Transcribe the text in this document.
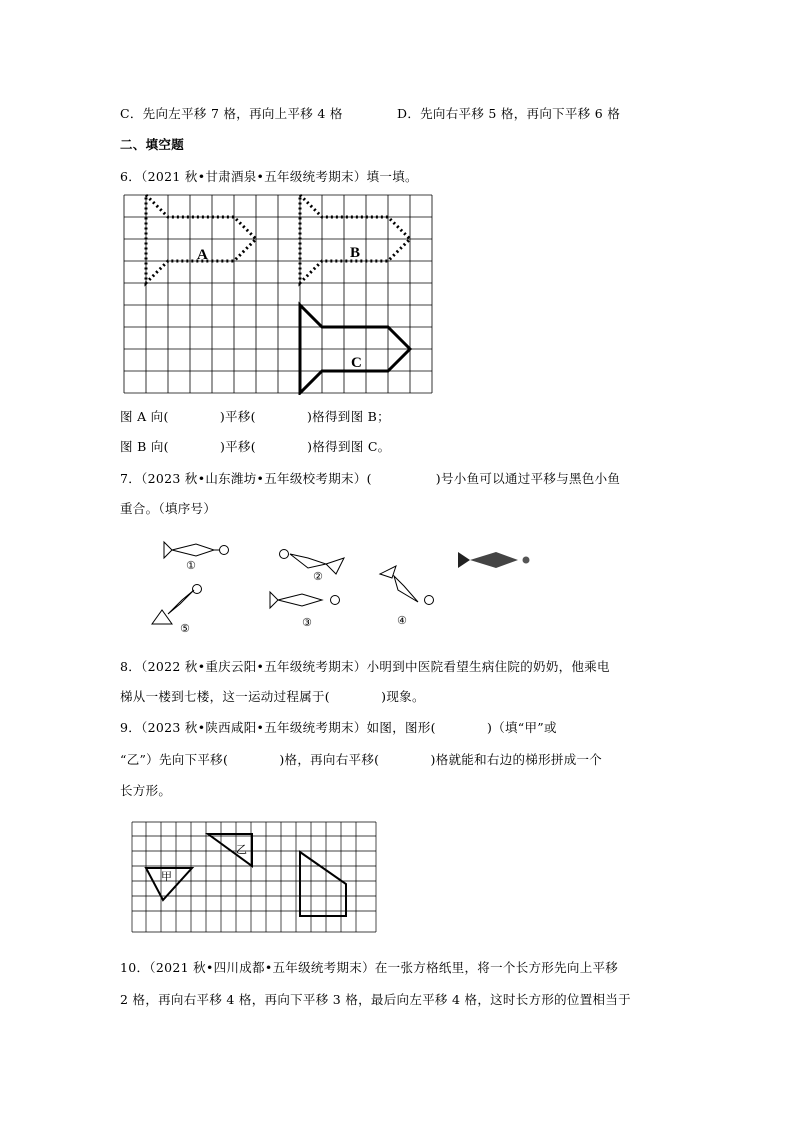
C．先向左平移 7 格，再向上平移 4 格	D．先向右平移 5 格，再向下平移 6 格
二、填空题
6．（2021 秋•甘肃酒泉•五年级统考期末）填一填。
A	B
C
图 A 向(　　　　)平移(　　　　)格得到图 B；
图 B 向(　　　　)平移(　　　　)格得到图 C。
7．（2023 秋•山东潍坊•五年级校考期末）(　　　　　)号小鱼可以通过平移与黑色小鱼
重合。（填序号）
①
②
③	④
⑤
8．（2022 秋•重庆云阳•五年级统考期末）小明到中医院看望生病住院的奶奶，他乘电
梯从一楼到七楼，这一运动过程属于(　　　　)现象。
9．（2023 秋•陕西咸阳•五年级统考期末）如图，图形(　　　　)（填“甲”或
“乙”）先向下平移(　　　　)格，再向右平移(　　　　)格就能和右边的梯形拼成一个
长方形。
甲
乙
10．（2021 秋•四川成都•五年级统考期末）在一张方格纸里，将一个长方形先向上平移
2 格，再向右平移 4 格，再向下平移 3 格，最后向左平移 4 格，这时长方形的位置相当于
